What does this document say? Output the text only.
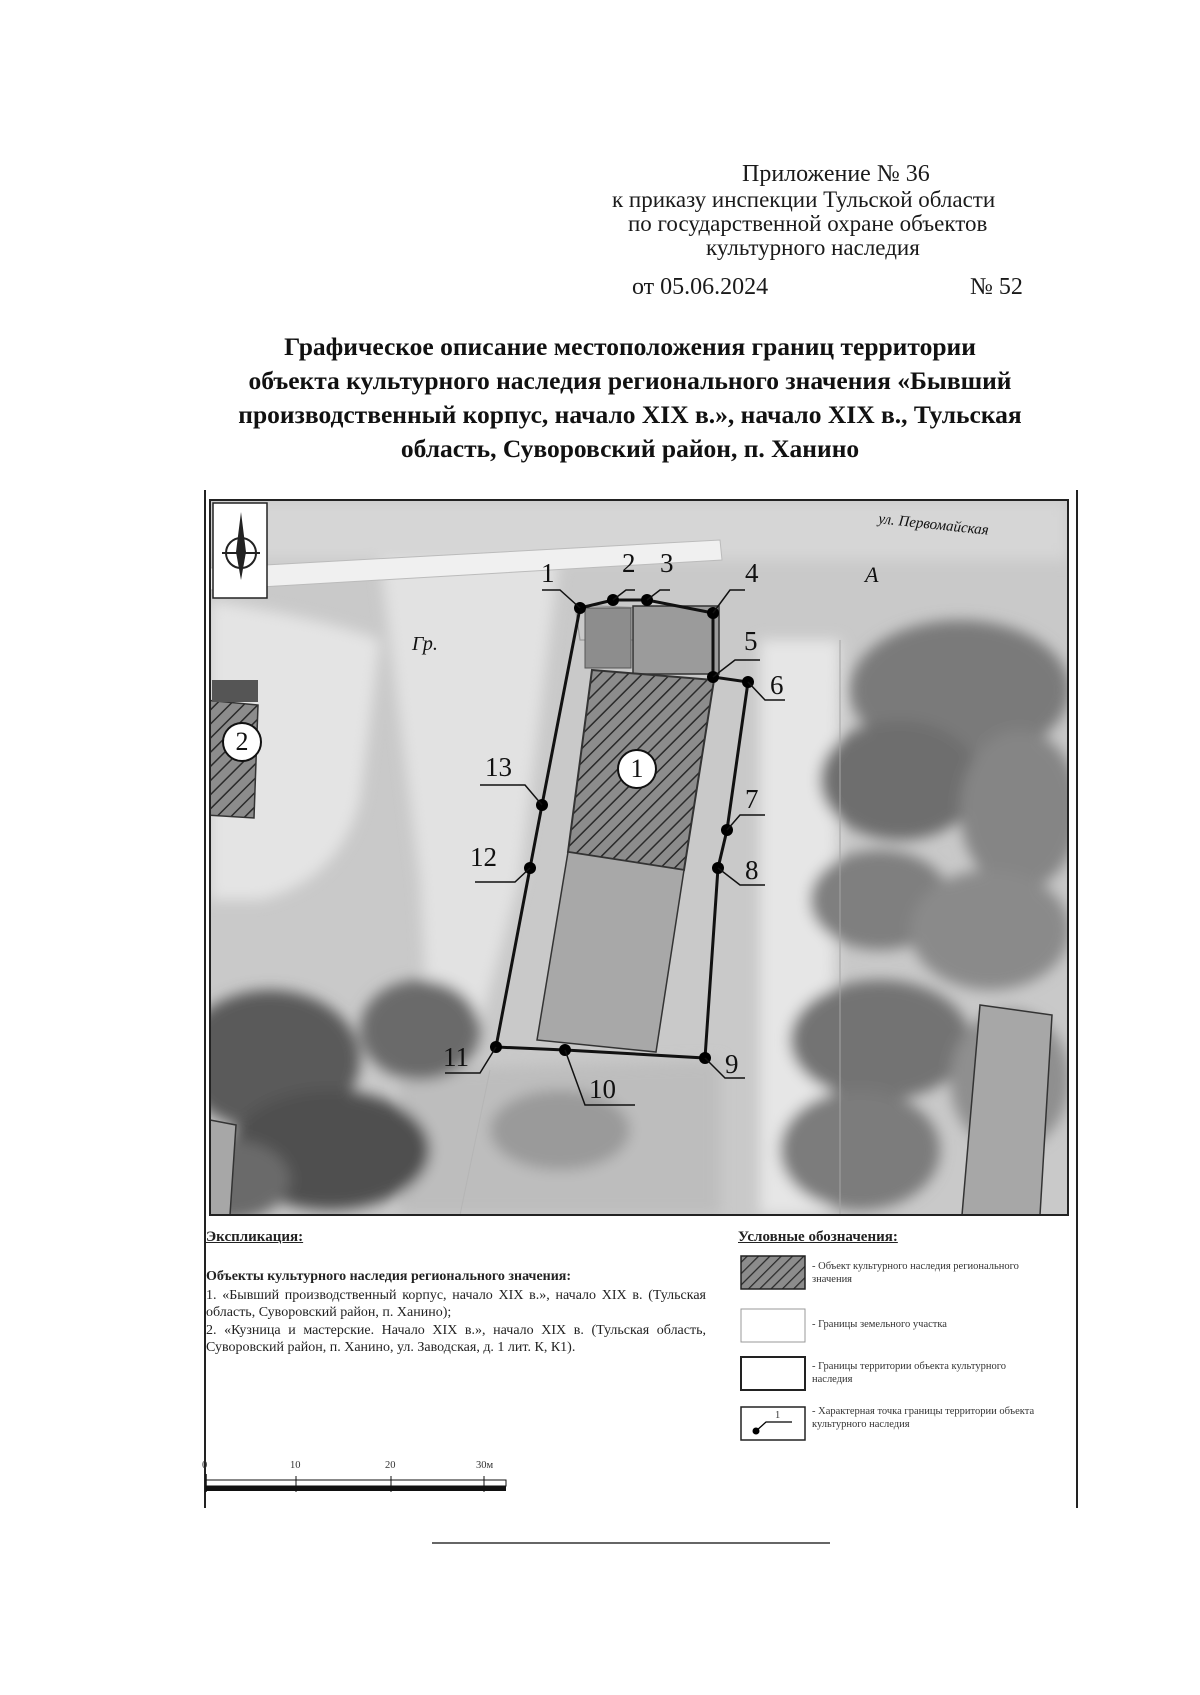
Приложение № 36
к приказу инспекции Тульской области
по государственной охране объектов
культурного наследия
от 05.06.2024	№ 52
Графическое описание местоположения границ территории
объекта культурного наследия регионального значения «Бывший
производственный корпус, начало XIX в.», начало XIX в., Тульская
область, Суворовский район, п. Ханино
ул. Первомайская
А
Гр.
1
2
1	2 3	4
5
6
7
8
9
10
11
12
13
Экспликация:
Объекты культурного наследия регионального значения:
1. «Бывший производственный корпус, начало XIX в.», начало XIX в. (Тульская область, Суворовский район, п. Ханино);
2. «Кузница и мастерские. Начало XIX в.», начало XIX в. (Тульская область, Суворовский район, п. Ханино, ул. Заводская, д. 1 лит. К, К1).
Условные обозначения:
1
- Объект культурного наследия регионального значения
- Границы земельного участка
- Границы территории объекта культурного наследия
- Характерная точка границы территории объекта культурного наследия
0	10	20	30м
